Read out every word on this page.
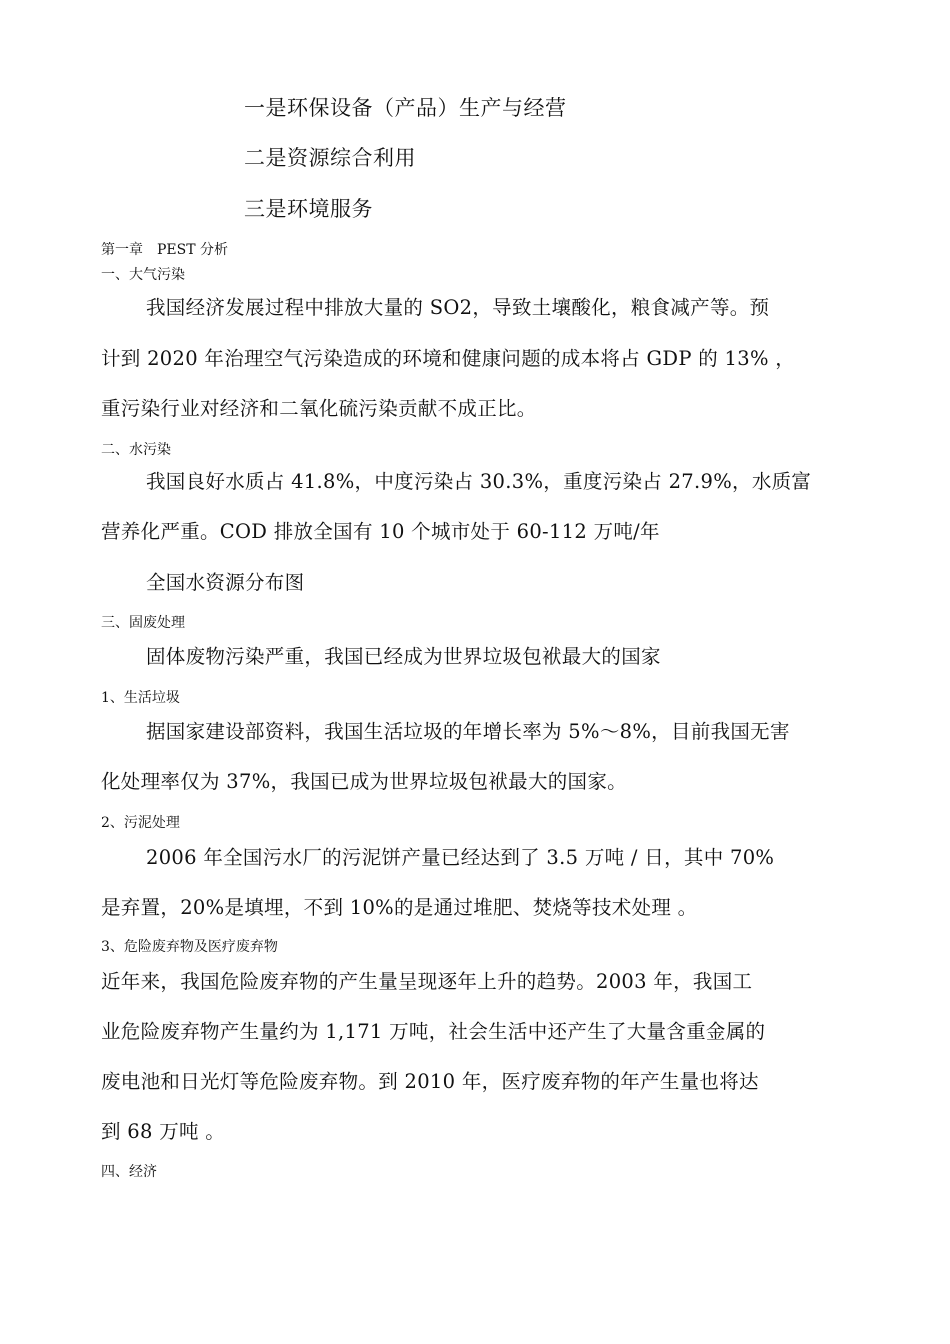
一是环保设备（产品）生产与经营

二是资源综合利用

三是环境服务

第一章　PEST 分析

一、大气污染

我国经济发展过程中排放大量的 SO2，导致土壤酸化，粮食减产等。预

计到 2020 年治理空气污染造成的环境和健康问题的成本将占 GDP 的 13% ，

重污染行业对经济和二氧化硫污染贡献不成正比。

二、水污染

我国良好水质占 41.8%，中度污染占 30.3%，重度污染占 27.9%，水质富

营养化严重。COD 排放全国有 10 个城市处于 60-112 万吨/年

全国水资源分布图

三、固废处理

固体废物污染严重，我国已经成为世界垃圾包袱最大的国家

1、生活垃圾

据国家建设部资料，我国生活垃圾的年增长率为 5%～8%，目前我国无害

化处理率仅为 37%，我国已成为世界垃圾包袱最大的国家。

2、污泥处理

2006 年全国污水厂的污泥饼产量已经达到了 3.5 万吨 / 日，其中 70%

是弃置，20%是填埋，不到 10%的是通过堆肥、焚烧等技术处理 。

3、危险废弃物及医疗废弃物

近年来，我国危险废弃物的产生量呈现逐年上升的趋势。2003 年，我国工

业危险废弃物产生量约为 1,171 万吨，社会生活中还产生了大量含重金属的

废电池和日光灯等危险废弃物。到 2010 年，医疗废弃物的年产生量也将达

到 68 万吨 。

四、经济
